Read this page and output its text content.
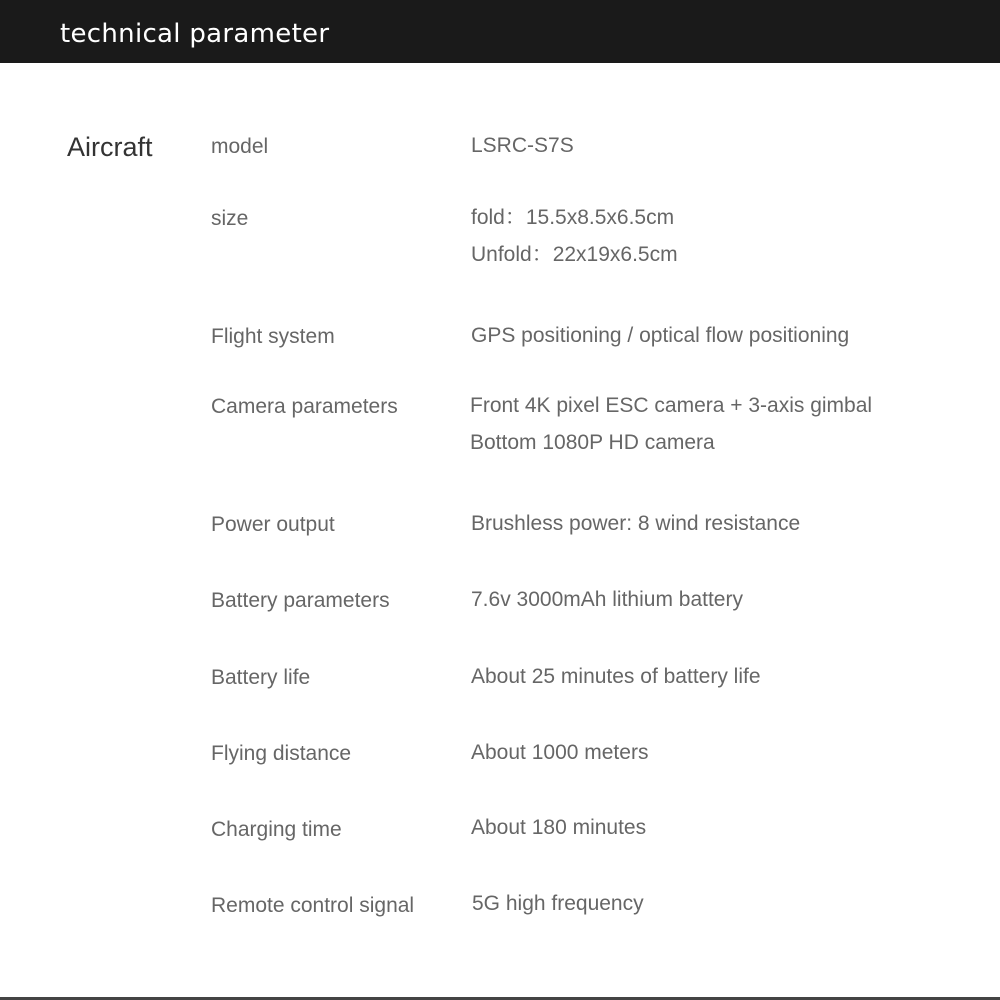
technical parameter
Aircraft	model	LSRC-S7S
size	fold：15.5x8.5x6.5cm
Unfold：22x19x6.5cm
Flight system	GPS positioning / optical flow positioning
Camera parameters	Front 4K pixel ESC camera + 3-axis gimbal
Bottom 1080P HD camera
Power output	Brushless power: 8 wind resistance
Battery parameters	7.6v 3000mAh lithium battery
Battery life	About 25 minutes of battery life
Flying distance	About 1000 meters
Charging time	About 180 minutes
Remote control signal	5G high frequency
